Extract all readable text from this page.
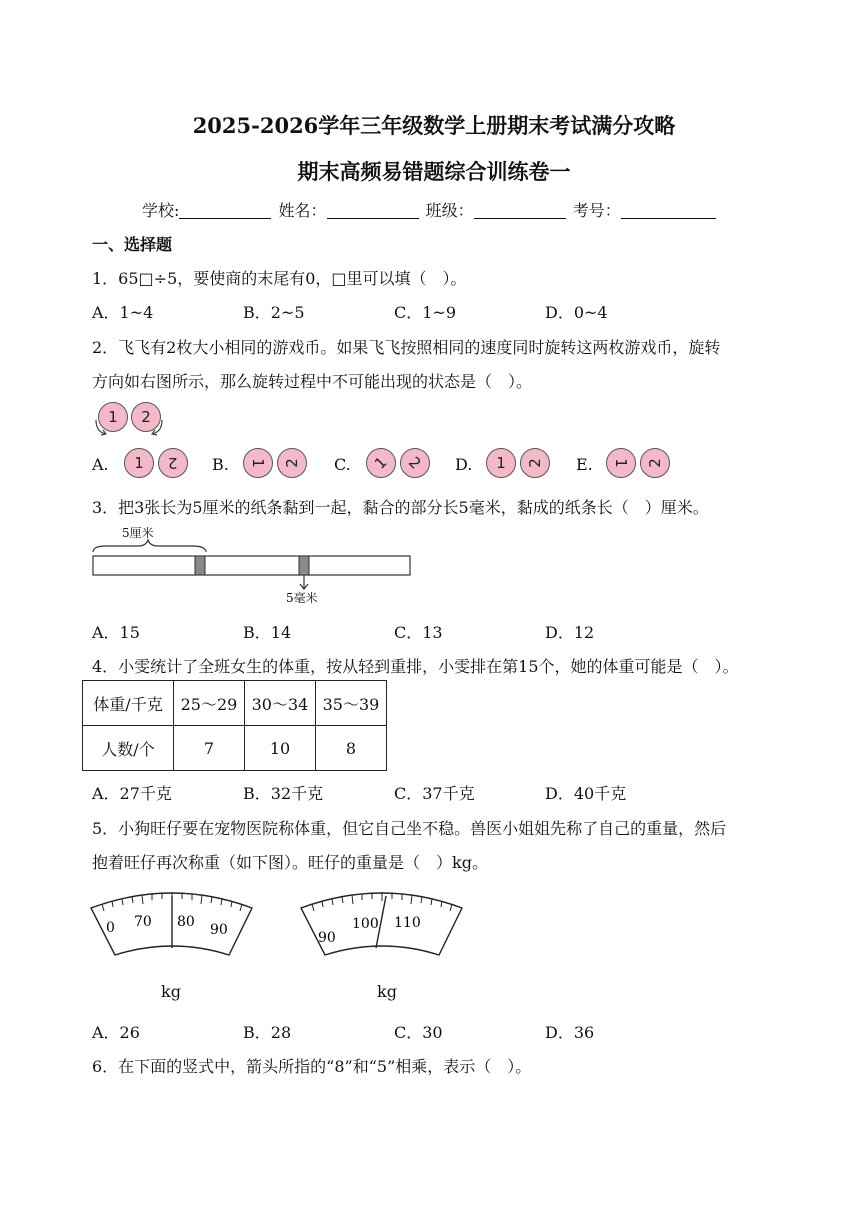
2025-2026学年三年级数学上册期末考试满分攻略
期末高频易错题综合训练卷一
学校:	姓名：	班级：	考号：
一、选择题
1．65□÷5，要使商的末尾有0，□里可以填（　）。
A．1~4	B．2~5	C．1~9	D．0~4
2．飞飞有2枚大小相同的游戏币。如果飞飞按照相同的速度同时旋转这两枚游戏币，旋转
方向如右图所示，那么旋转过程中不可能出现的状态是（　）。
1 2
A. 1 2 B. 1 2 C. 1 2 D. 1 2 E. 1 2
3．把3张长为5厘米的纸条黏到一起，黏合的部分长5毫米，黏成的纸条长（　）厘米。
5厘米
5毫米
A．15	B．14	C．13	D．12
4．小雯统计了全班女生的体重，按从轻到重排，小雯排在第15个，她的体重可能是（　）。
体重/千克	25～29	30～34	35～39
人数/个	7	10	8
A．27千克	B．32千克	C．37千克	D．40千克
5．小狗旺仔要在宠物医院称体重，但它自己坐不稳。兽医小姐姐先称了自己的重量，然后
抱着旺仔再次称重（如下图）。旺仔的重量是（　）kg。
0 70 80 90
kg
90
100 110
kg
A．26	B．28	C．30	D．36
6．在下面的竖式中，箭头所指的“8”和“5”相乘，表示（　）。
